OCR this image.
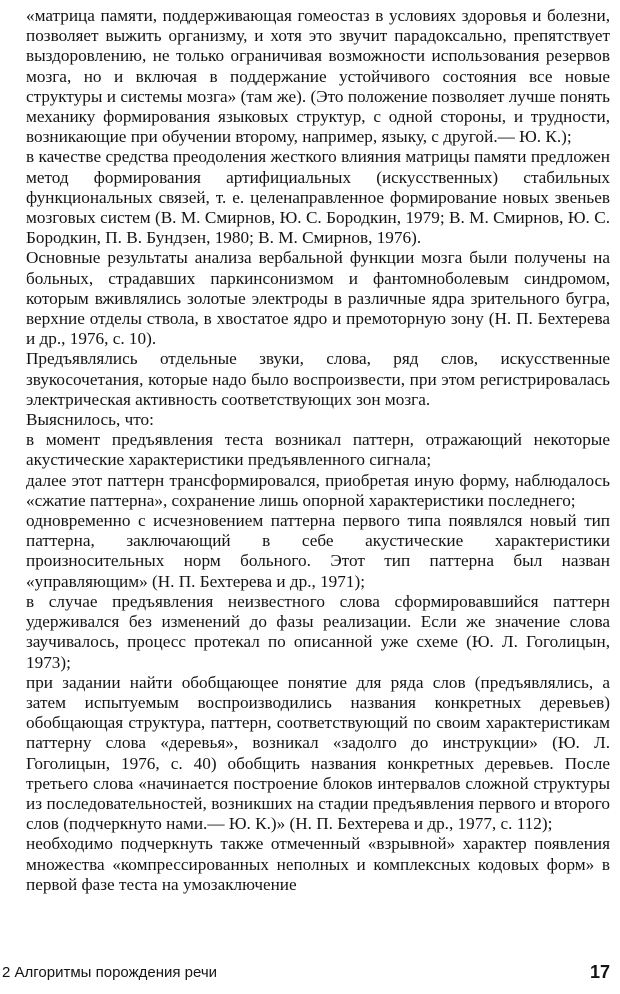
«матрица памяти, поддерживающая гомеостаз в условиях здоровья и болезни, позволяет выжить организму, и хотя это звучит парадоксально, препятствует выздоровлению, не только ограничивая возможности использования резервов мозга, но и включая в поддержание устойчивого состояния все новые структуры и системы мозга» (там же). (Это положение позволяет лучше понять механику формирования языковых структур, с одной стороны, и трудности, возникающие при обучении второму, например, языку, с другой.— Ю. К.);

в качестве средства преодоления жесткого влияния матрицы памяти предложен метод формирования артифициальных (искусственных) стабильных функциональных связей, т. е. целенаправленное формирование новых звеньев мозговых систем (В. М. Смирнов, Ю. С. Бородкин, 1979; В. М. Смирнов, Ю. С. Бородкин, П. В. Бундзен, 1980; В. М. Смирнов, 1976).

Основные результаты анализа вербальной функции мозга были получены на больных, страдавших паркинсонизмом и фантомноболевым синдромом, которым вживлялись золотые электроды в различные ядра зрительного бугра, верхние отделы ствола, в хвостатое ядро и премоторную зону (Н. П. Бехтерева и др., 1976, с. 10).

Предъявлялись отдельные звуки, слова, ряд слов, искусственные звукосочетания, которые надо было воспроизвести, при этом регистрировалась электрическая активность соответствующих зон мозга.

Выяснилось, что:

в момент предъявления теста возникал паттерн, отражающий некоторые акустические характеристики предъявленного сигнала;

далее этот паттерн трансформировался, приобретая иную форму, наблюдалось «сжатие паттерна», сохранение лишь опорной характеристики последнего;

одновременно с исчезновением паттерна первого типа появлялся новый тип паттерна, заключающий в себе акустические характеристики произносительных норм больного. Этот тип паттерна был назван «управляющим» (Н. П. Бехтерева и др., 1971);

в случае предъявления неизвестного слова сформировавшийся паттерн удерживался без изменений до фазы реализации. Если же значение слова заучивалось, процесс протекал по описанной уже схеме (Ю. Л. Гоголицын, 1973);

при задании найти обобщающее понятие для ряда слов (предъявлялись, а затем испытуемым воспроизводились названия конкретных деревьев) обобщающая структура, паттерн, соответствующий по своим характеристикам паттерну слова «деревья», возникал «задолго до инструкции» (Ю. Л. Гоголицын, 1976, с. 40) обобщить названия конкретных деревьев. После третьего слова «начинается построение блоков интервалов сложной структуры из последовательностей, возникших на стадии предъявления первого и второго слов (подчеркнуто нами.— Ю. К.)» (Н. П. Бехтерева и др., 1977, с. 112);

необходимо подчеркнуть также отмеченный «взрывной» характер появления множества «компрессированных неполных и комплексных кодовых форм» в первой фазе теста на умозаключение

2 Алгоритмы порождения речи	17
